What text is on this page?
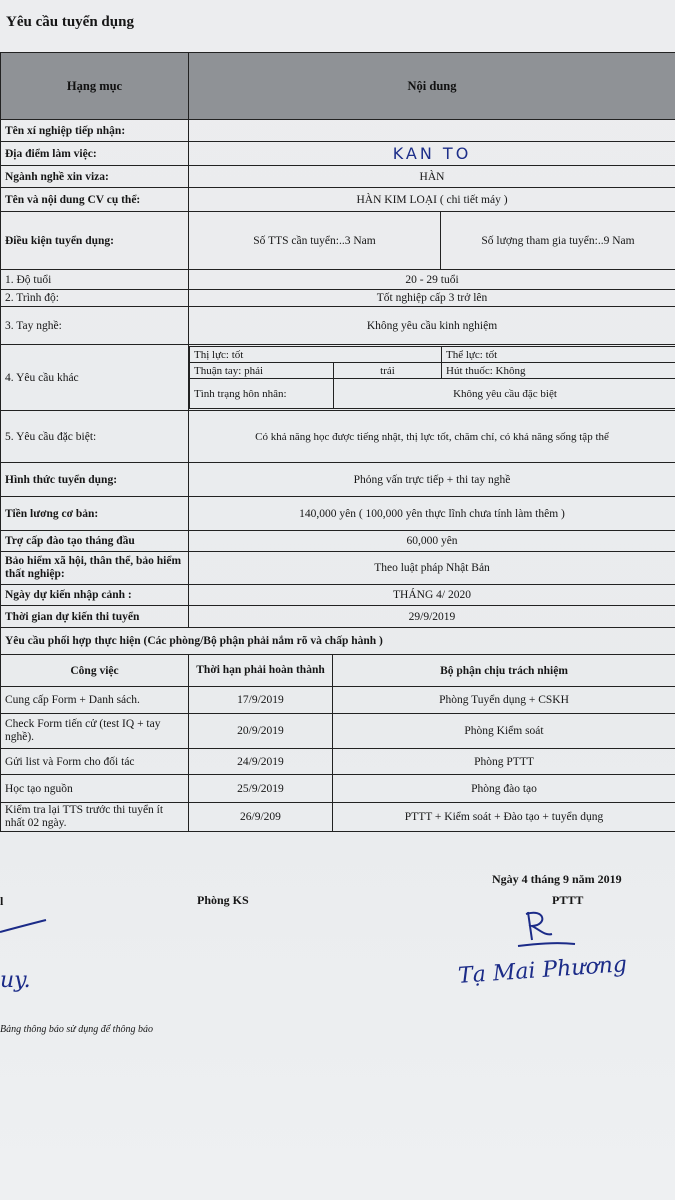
Yêu cầu tuyển dụng
Hạng mục	Nội dung
Tên xí nghiệp tiếp nhận:	
Địa điểm làm việc:	KAN TO
Ngành nghề xin viza:	HÀN
Tên và nội dung CV cụ thể:	HÀN KIM LOẠI ( chi tiết máy )
Điều kiện tuyển dụng:	Số TTS cần tuyển:..3 Nam	Số lượng tham gia tuyển:..9 Nam
1. Độ tuổi	20 - 29 tuổi
2. Trình độ:	Tốt nghiệp cấp 3 trở lên
3. Tay nghề:	Không yêu cầu kinh nghiệm
4. Yêu cầu khác	
Thị lực: tốt	Thể lực: tốt
Thuận tay: phải	trái	Hút thuốc: Không
Tình trạng hôn nhân:	Không yêu cầu đặc biệt

5. Yêu cầu đặc biệt:	Có khả năng học được tiếng nhật, thị lực tốt, chăm chỉ, có khả năng sống tập thể
Hình thức tuyển dụng:	Phỏng vấn trực tiếp + thi tay nghề
Tiền lương cơ bản:	140,000 yên ( 100,000 yên thực lĩnh chưa tính làm thêm )
Trợ cấp đào tạo tháng đầu	60,000 yên
Bảo hiểm xã hội, thân thể, bảo hiểm thất nghiệp:	Theo luật pháp Nhật Bản
Ngày dự kiến nhập cảnh :	THÁNG 4/ 2020
Thời gian dự kiến thi tuyển	29/9/2019
Yêu cầu phối hợp thực hiện (Các phòng/Bộ phận phải nắm rõ và chấp hành )
Công việc	Thời hạn phải hoàn thành	Bộ phận chịu trách nhiệm
Cung cấp Form + Danh sách.	17/9/2019	Phòng Tuyển dụng + CSKH
Check Form tiến cử (test IQ + tay nghề).	20/9/2019	Phòng Kiểm soát
Gửi list và Form cho đối tác	24/9/2019	Phòng PTTT
Học tạo nguồn	25/9/2019	Phòng đào tạo
Kiểm tra lại TTS trước thi tuyển ít nhất 02 ngày.	26/9/209	PTTT + Kiểm soát + Đào tạo + tuyển dụng
Ngày 4 tháng 9 năm 2019
l	Phòng KS	PTTT
Tạ Mai Phương
uy.
Bảng thông báo sử dụng để thông báo
